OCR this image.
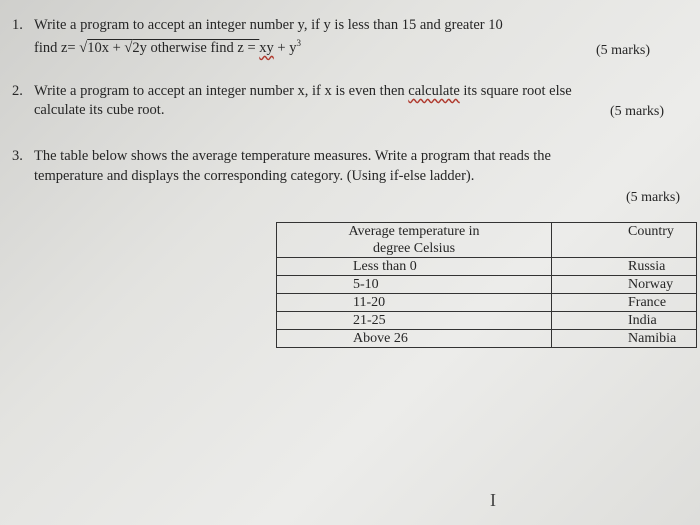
1. Write a program to accept an integer number y, if y is less than 15 and greater 10
find z= √10x + √2y otherwise find z = xy + $y^3$	(5 marks)
2. Write a program to accept an integer number x, if x is even then calculate its square root else
calculate its cube root.	(5 marks)
3. The table below shows the average temperature measures. Write a program that reads the
temperature and displays the corresponding category. (Using if-else ladder).
(5 marks)
Average temperature in
degree Celsius	Country
Less than 0	Russia
5-10	Norway
11-20	France
21-25	India
Above 26	Namibia
I
